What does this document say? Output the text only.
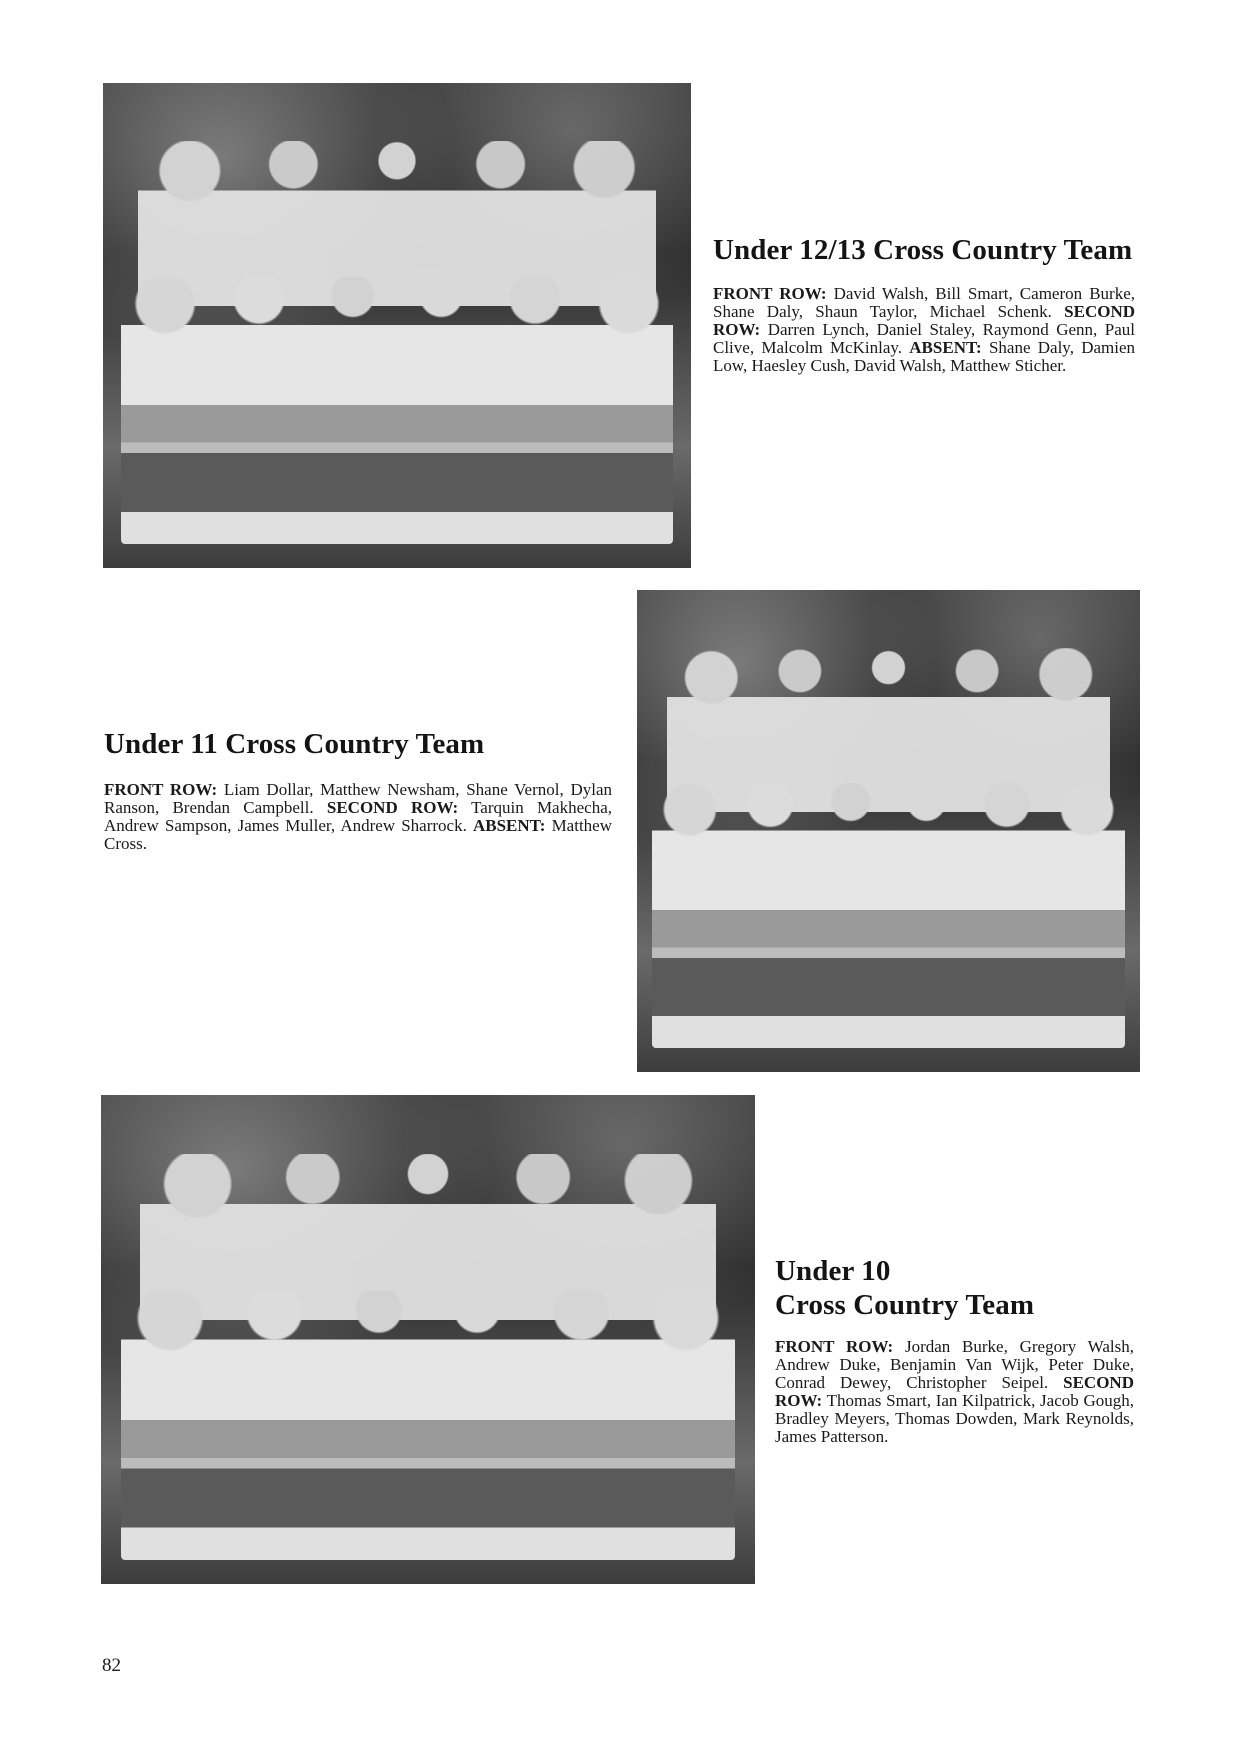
Under 12/13 Cross Country Team

FRONT ROW: David Walsh, Bill Smart, Cameron Burke, Shane Daly, Shaun Taylor, Michael Schenk. SECOND ROW: Darren Lynch, Daniel Staley, Raymond Genn, Paul Clive, Malcolm McKinlay. ABSENT: Shane Daly, Damien Low, Haesley Cush, David Walsh, Matthew Sticher.

Under 11 Cross Country Team

FRONT ROW: Liam Dollar, Matthew Newsham, Shane Vernol, Dylan Ranson, Brendan Campbell. SECOND ROW: Tarquin Makhecha, Andrew Sampson, James Muller, Andrew Sharrock. ABSENT: Matthew Cross.

Under 10
Cross Country Team

FRONT ROW: Jordan Burke, Gregory Walsh, Andrew Duke, Benjamin Van Wijk, Peter Duke, Conrad Dewey, Christopher Seipel. SECOND ROW: Thomas Smart, Ian Kilpatrick, Jacob Gough, Bradley Meyers, Thomas Dowden, Mark Reynolds, James Patterson.

82
